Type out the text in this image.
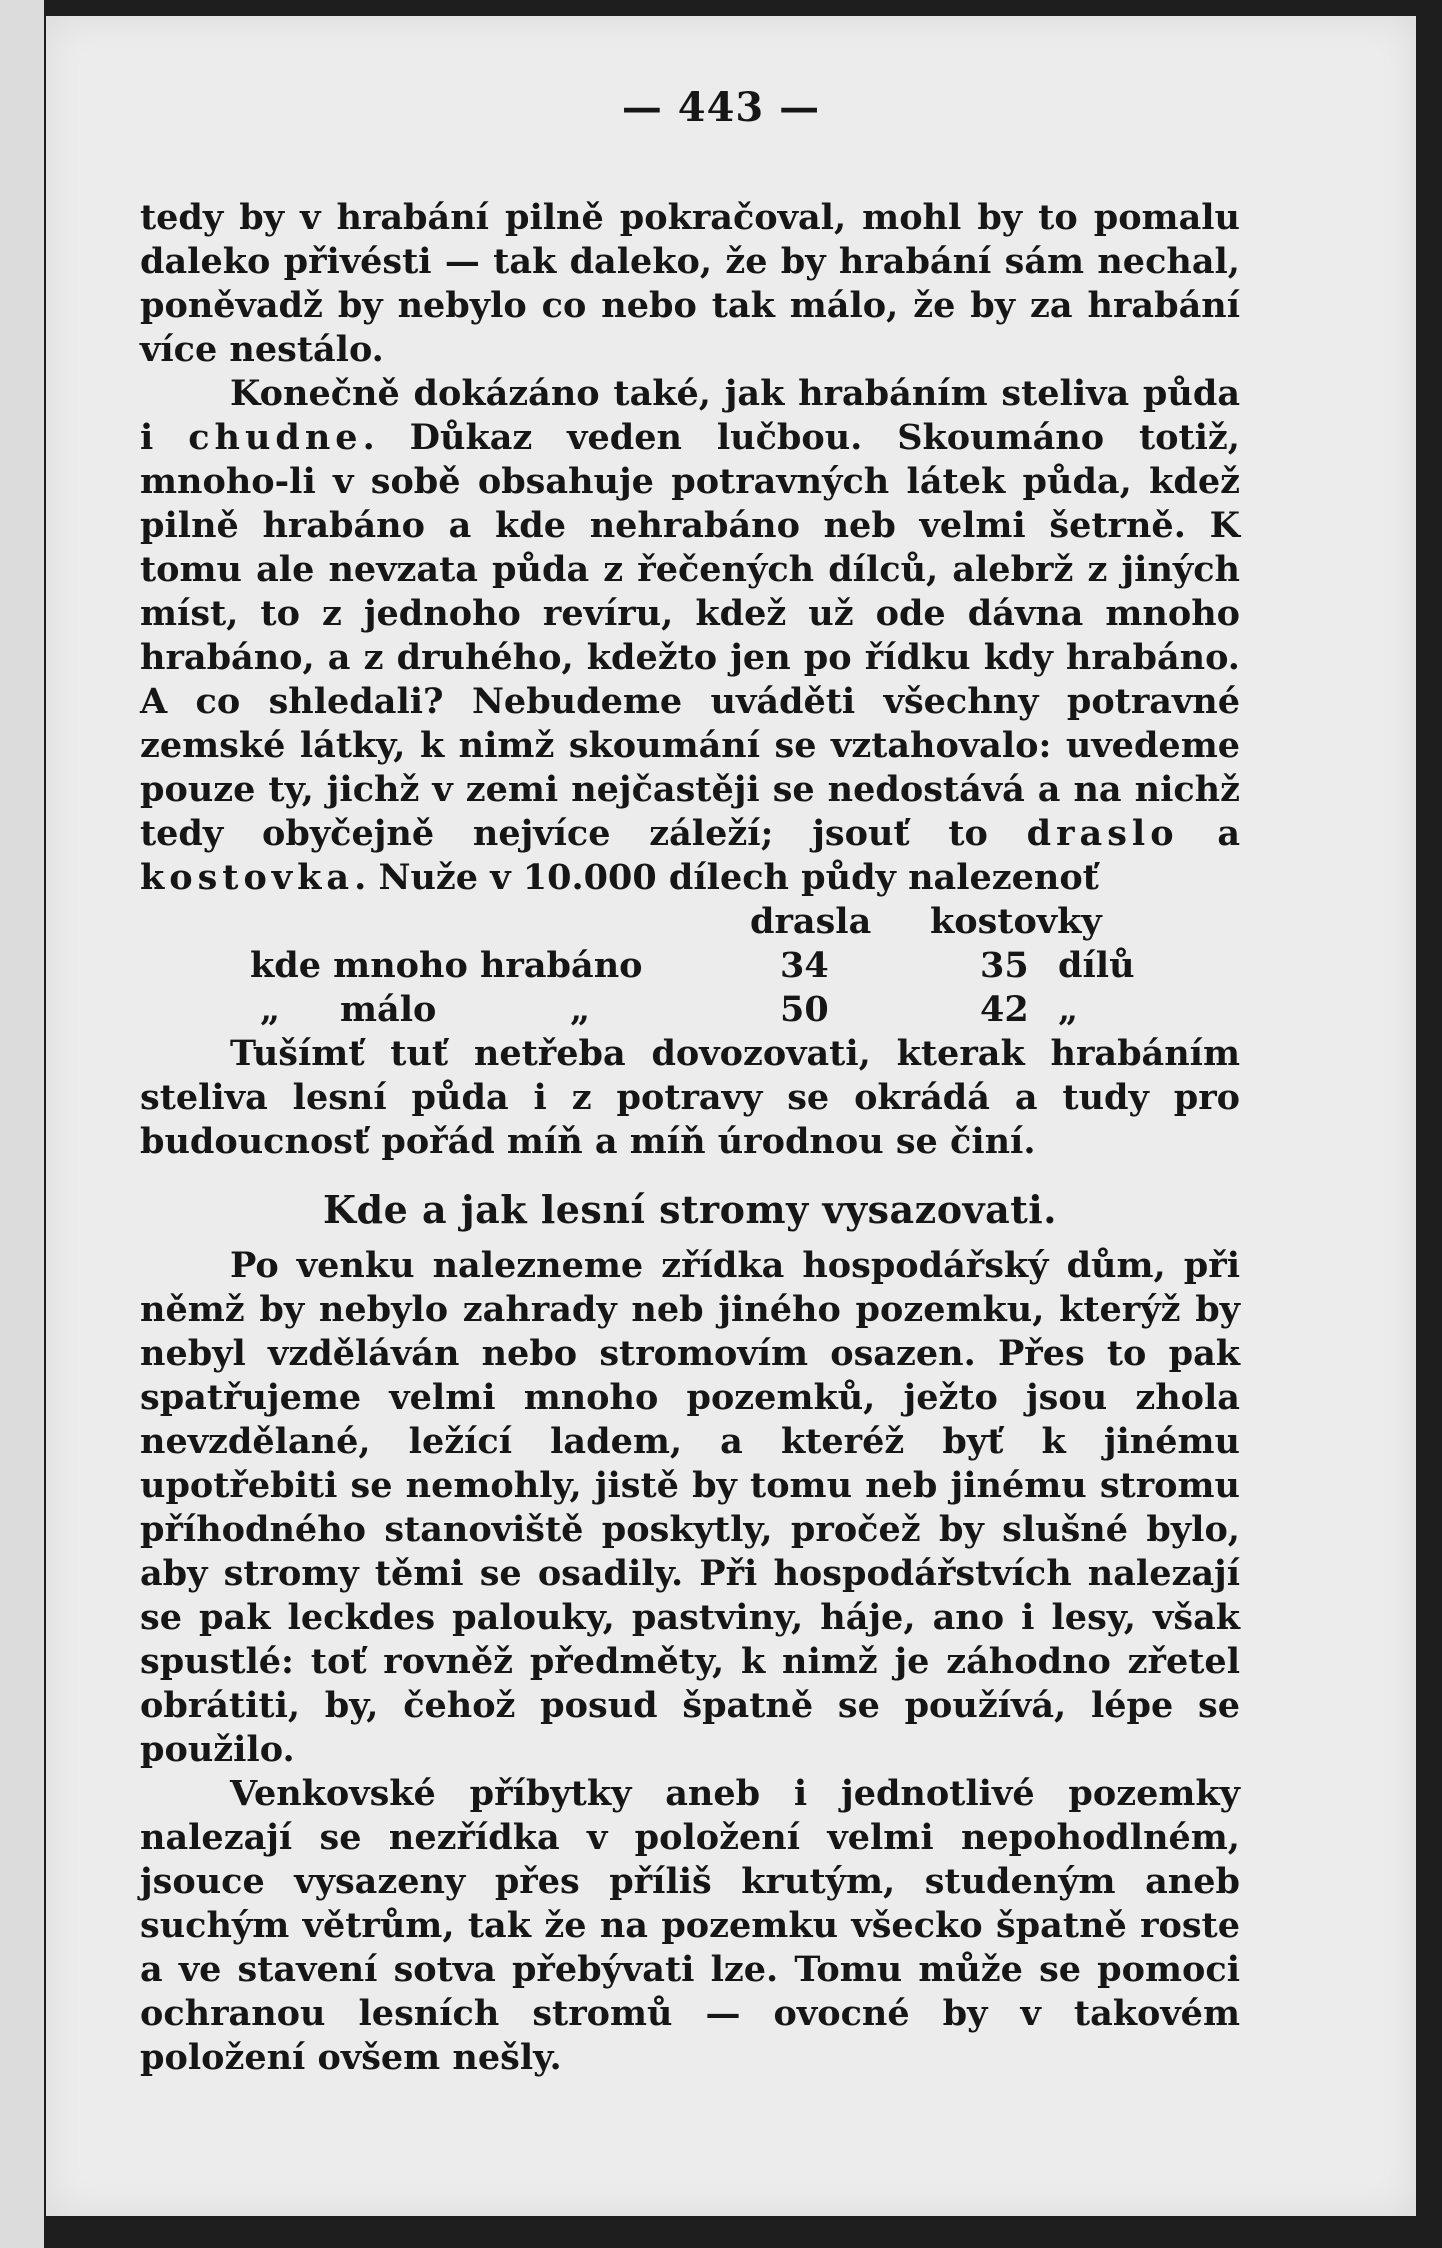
— 443 —

tedy by v hrabání pilně pokračoval, mohl by to pomalu daleko přivésti — tak daleko, že by hrabání sám nechal, poněvadž by nebylo co nebo tak málo, že by za hrabání více nestálo.

Konečně dokázáno také, jak hrabáním steliva půda i chudne. Důkaz veden lučbou. Skoumáno totiž, mnoho-li v sobě obsahuje potravných látek půda, kdež pilně hrabáno a kde nehrabáno neb velmi šetrně. K tomu ale nevzata půda z řečených dílců, alebrž z jiných míst, to z jednoho revíru, kdež už ode dávna mnoho hrabáno, a z druhého, kdežto jen po řídku kdy hrabáno. A co shledali? Nebudeme uváděti všechny potravné zemské látky, k nimž skoumání se vztahovalo: uvedeme pouze ty, jichž v zemi nejčastěji se nedostává a na nichž tedy obyčejně nejvíce záleží; jsouť to draslo a kostovka. Nuže v 10.000 dílech půdy nalezenoť

drasla kostovky
kde mnoho hrabáno	34	35 dílů
„ málo	„	50	42 „

Tušímť tuť netřeba dovozovati, kterak hrabáním steliva lesní půda i z potravy se okrádá a tudy pro budoucnosť pořád míň a míň úrodnou se činí.

Kde a jak lesní stromy vysazovati.

Po venku nalezneme zřídka hospodářský dům, při němž by nebylo zahrady neb jiného pozemku, kterýž by nebyl vzděláván nebo stromovím osazen. Přes to pak spatřujeme velmi mnoho pozemků, ježto jsou zhola nevzdělané, ležící ladem, a kteréž byť k jinému upotřebiti se nemohly, jistě by tomu neb jinému stromu příhodného stanoviště poskytly, pročež by slušné bylo, aby stromy těmi se osadily. Při hospodářstvích nalezají se pak leckdes palouky, pastviny, háje, ano i lesy, však spustlé: toť rovněž předměty, k nimž je záhodno zřetel obrátiti, by, čehož posud špatně se používá, lépe se použilo.

Venkovské příbytky aneb i jednotlivé pozemky nalezají se nezřídka v položení velmi nepohodlném, jsouce vysazeny přes příliš krutým, studeným aneb suchým větrům, tak že na pozemku všecko špatně roste a ve stavení sotva přebývati lze. Tomu může se pomoci ochranou lesních stromů — ovocné by v takovém položení ovšem nešly.
